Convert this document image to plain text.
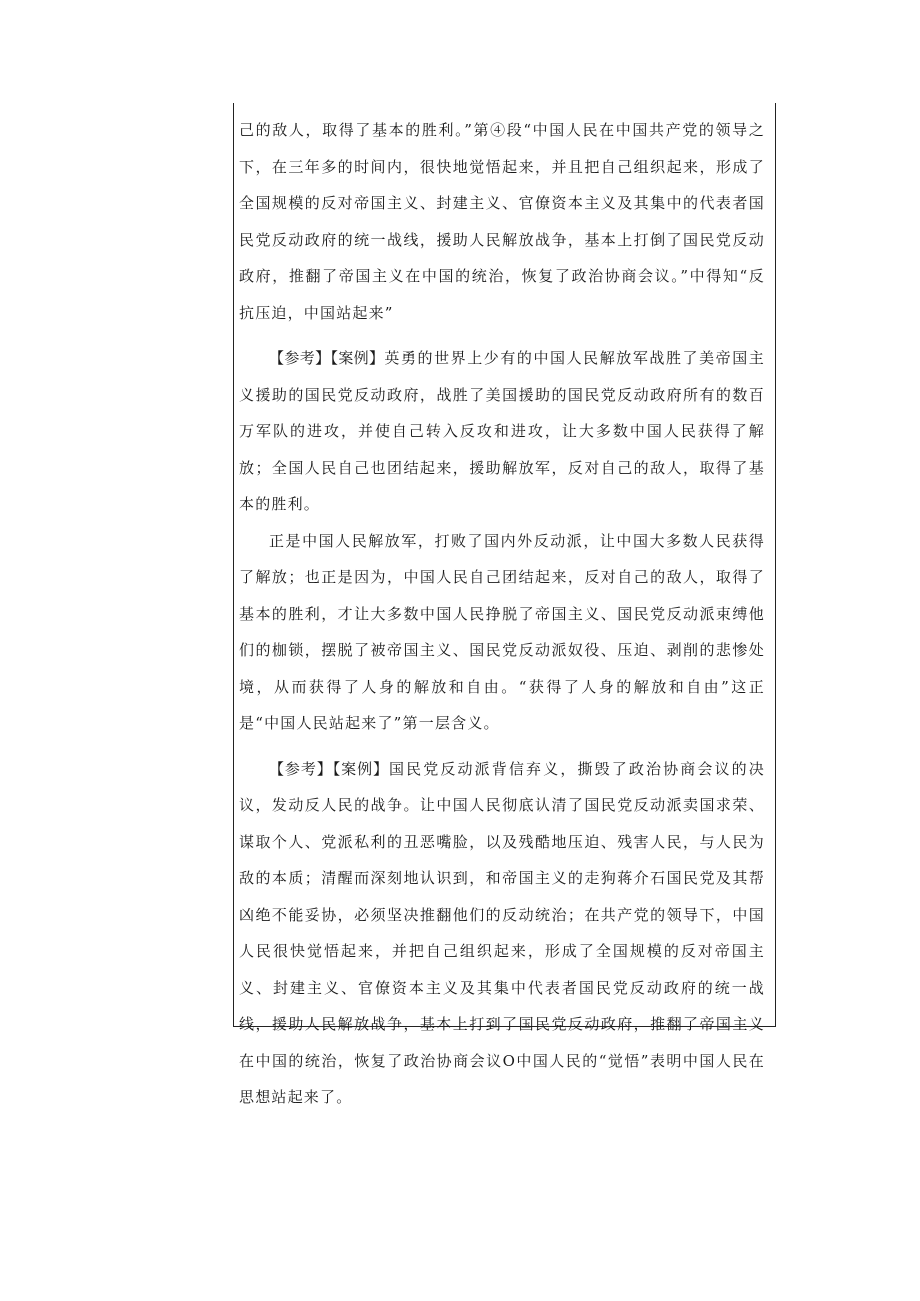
己的敌人，取得了基本的胜利。”第④段“中国人民在中国共产党的领导之下，在三年多的时间内，很快地觉悟起来，并且把自己组织起来，形成了全国规模的反对帝国主义、封建主义、官僚资本主义及其集中的代表者国民党反动政府的统一战线，援助人民解放战争，基本上打倒了国民党反动政府，推翻了帝国主义在中国的统治，恢复了政治协商会议。”中得知“反抗压迫，中国站起来”

【参考】【案例】英勇的世界上少有的中国人民解放军战胜了美帝国主义援助的国民党反动政府，战胜了美国援助的国民党反动政府所有的数百万军队的进攻，并使自己转入反攻和进攻，让大多数中国人民获得了解放；全国人民自己也团结起来，援助解放军，反对自己的敌人，取得了基本的胜利。

正是中国人民解放军，打败了国内外反动派，让中国大多数人民获得了解放；也正是因为，中国人民自己团结起来，反对自己的敌人，取得了基本的胜利，才让大多数中国人民挣脱了帝国主义、国民党反动派束缚他们的枷锁，摆脱了被帝国主义、国民党反动派奴役、压迫、剥削的悲惨处境，从而获得了人身的解放和自由。“获得了人身的解放和自由”这正是“中国人民站起来了”第一层含义。

【参考】【案例】国民党反动派背信弃义，撕毁了政治协商会议的决议，发动反人民的战争。让中国人民彻底认清了国民党反动派卖国求荣、谋取个人、党派私利的丑恶嘴脸，以及残酷地压迫、残害人民，与人民为敌的本质；清醒而深刻地认识到，和帝国主义的走狗蒋介石国民党及其帮凶绝不能妥协，必须坚决推翻他们的反动统治；在共产党的领导下，中国人民很快觉悟起来，并把自己组织起来，形成了全国规模的反对帝国主义、封建主义、官僚资本主义及其集中代表者国民党反动政府的统一战线，援助人民解放战争，基本上打到了国民党反动政府，推翻了帝国主义在中国的统治，恢复了政治协商会议O中国人民的“觉悟”表明中国人民在思想站起来了。
